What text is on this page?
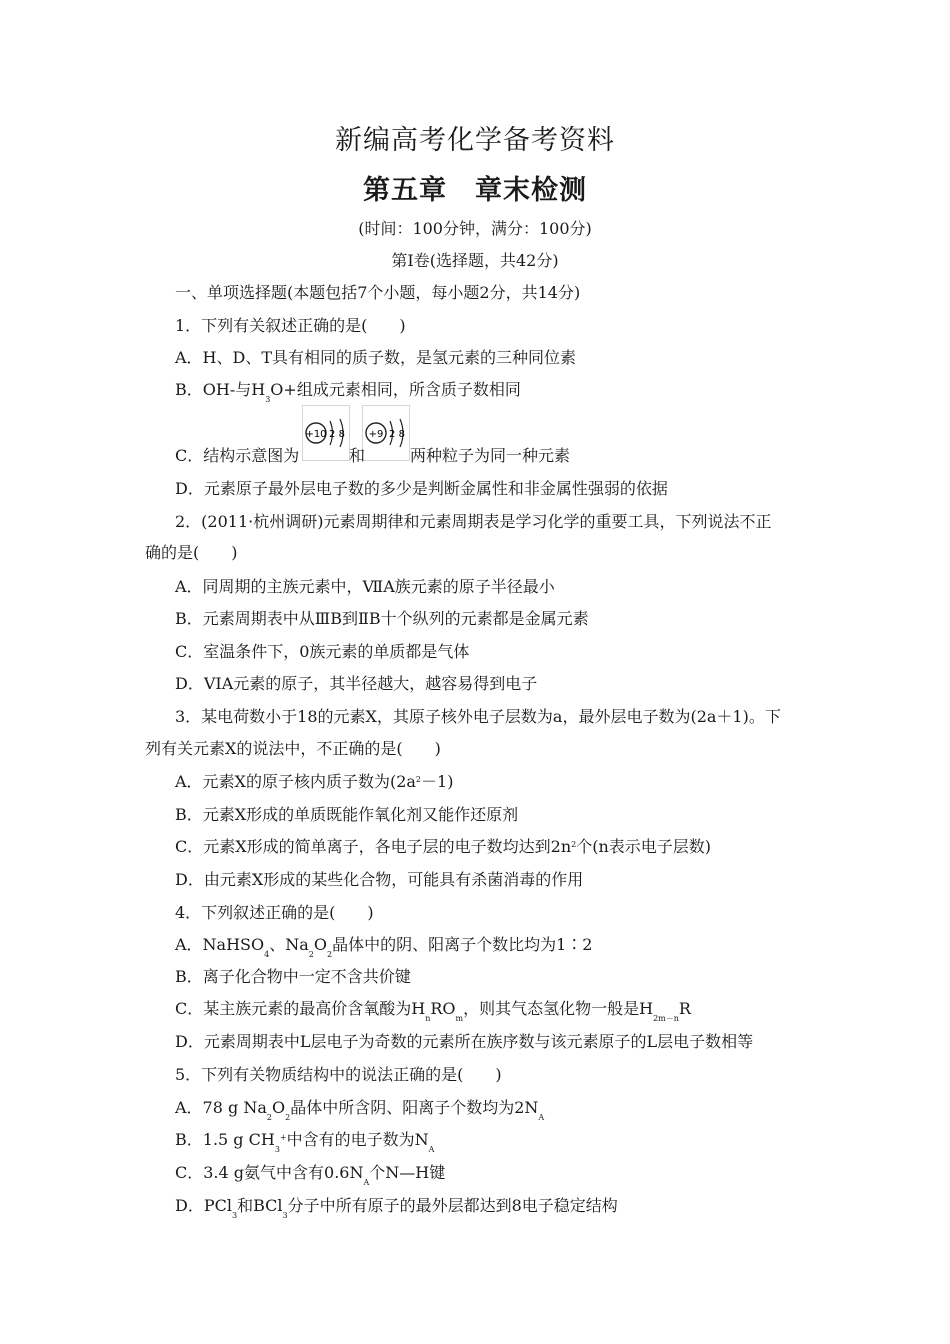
新编高考化学备考资料
第五章　章末检测
(时间：100分钟，满分：100分)
第Ⅰ卷(选择题，共42分)
一、单项选择题(本题包括7个小题，每小题2分，共14分)
1．下列有关叙述正确的是(　　)
A．H、D、T具有相同的质子数，是氢元素的三种同位素
B．OH-与$H_3O+$组成元素相同，所含质子数相同
+10 2 8 +9 2 8
C．结构示意图为	和	两种粒子为同一种元素
D．元素原子最外层电子数的多少是判断金属性和非金属性强弱的依据
2．(2011·杭州调研)元素周期律和元素周期表是学习化学的重要工具，下列说法不正
确的是(　　)
A．同周期的主族元素中，ⅦA族元素的原子半径最小
B．元素周期表中从ⅢB到ⅡB十个纵列的元素都是金属元素
C．室温条件下，0族元素的单质都是气体
D．VIA元素的原子，其半径越大，越容易得到电子
3．某电荷数小于18的元素X，其原子核外电子层数为a，最外层电子数为(2a＋1)。下
列有关元素X的说法中，不正确的是(　　)
A．元素X的原子核内质子数为$(2a^2-1)$
B．元素X形成的单质既能作氧化剂又能作还原剂
C．元素X形成的简单离子，各电子层的电子数均达到$2n^2$个(n表示电子层数)
D．由元素X形成的某些化合物，可能具有杀菌消毒的作用
4．下列叙述正确的是(　　)
A．NaHSO$_4$、$Na_2O_2$晶体中的阴、阳离子个数比均为1∶2
B．离子化合物中一定不含共价键
C．某主族元素的最高价含氧酸为$H_nRO_m$，则其气态氢化物一般是$H_{2m-n}R$
D．元素周期表中L层电子为奇数的元素所在族序数与该元素原子的L层电子数相等
5．下列有关物质结构中的说法正确的是(　　)
A．78 g $Na_2O_2$晶体中所含阴、阳离子个数均为$2N_A$
B．1.5 g $CH_3^+$中含有的电子数为$N_A$
C．3.4 g氨气中含有$0.6N_A$个N—H键
D．PCl$_3$和BCl$_3$分子中所有原子的最外层都达到8电子稳定结构
